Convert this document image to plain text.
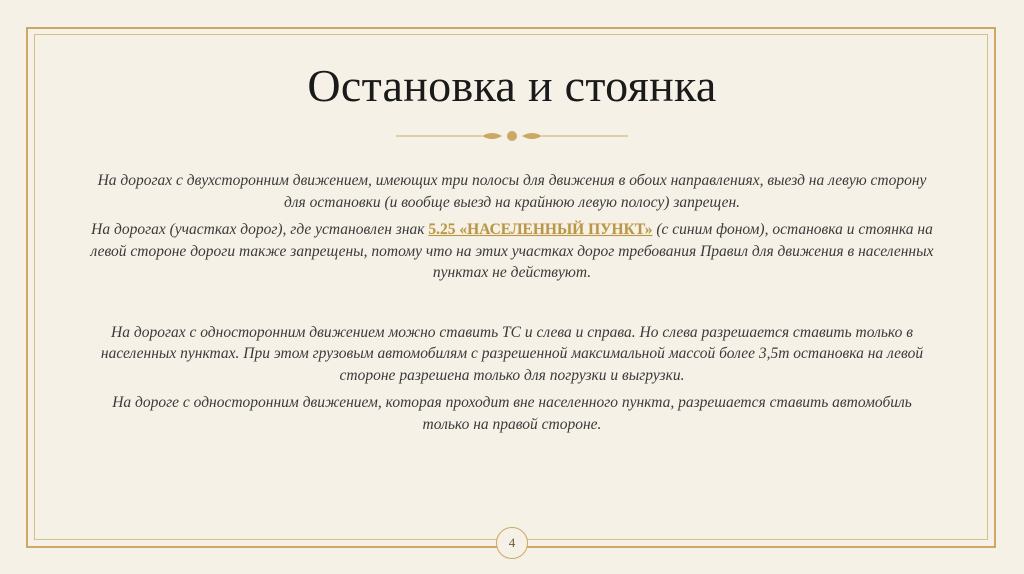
Остановка и стоянка

На дорогах с двухсторонним движением, имеющих три полосы для движения в обоих направлениях, выезд на левую сторону для остановки (и вообще выезд на крайнюю левую полосу) запрещен.

На дорогах (участках дорог), где установлен знак 5.25 «НАСЕЛЕННЫЙ ПУНКТ» (с синим фоном), остановка и стоянка на левой стороне дороги также запрещены, потому что на этих участках дорог требования Правил для движения в населенных пунктах не действуют.

На дорогах с односторонним движением можно ставить ТС и слева и справа. Но слева разрешается ставить только в населенных пунктах. При этом грузовым автомобилям с разрешенной максимальной массой более 3,5т остановка на левой стороне разрешена только для погрузки и выгрузки.

На дороге с односторонним движением, которая проходит вне населенного пункта, разрешается ставить автомобиль только на правой стороне.

4
